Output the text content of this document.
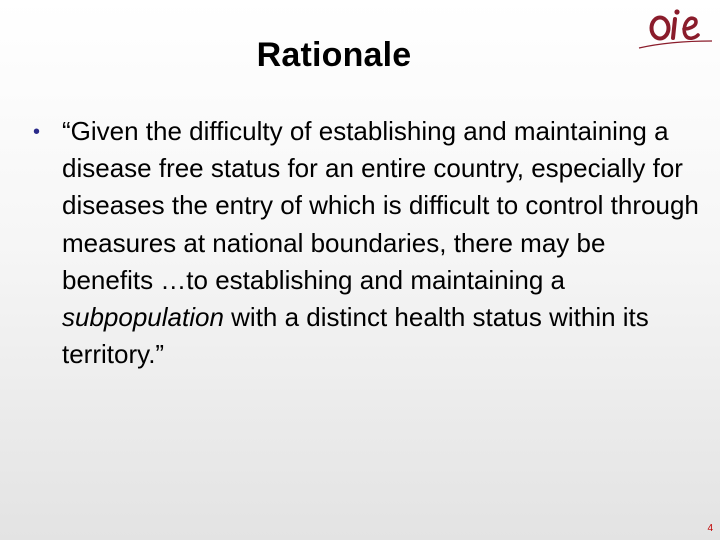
Rationale
• “Given the difficulty of establishing and maintaining a disease free status for an entire country, especially for diseases the entry of which is difficult to control through measures at national boundaries, there may be benefits …to establishing and maintaining a subpopulation with a distinct health status within its territory.”
4
